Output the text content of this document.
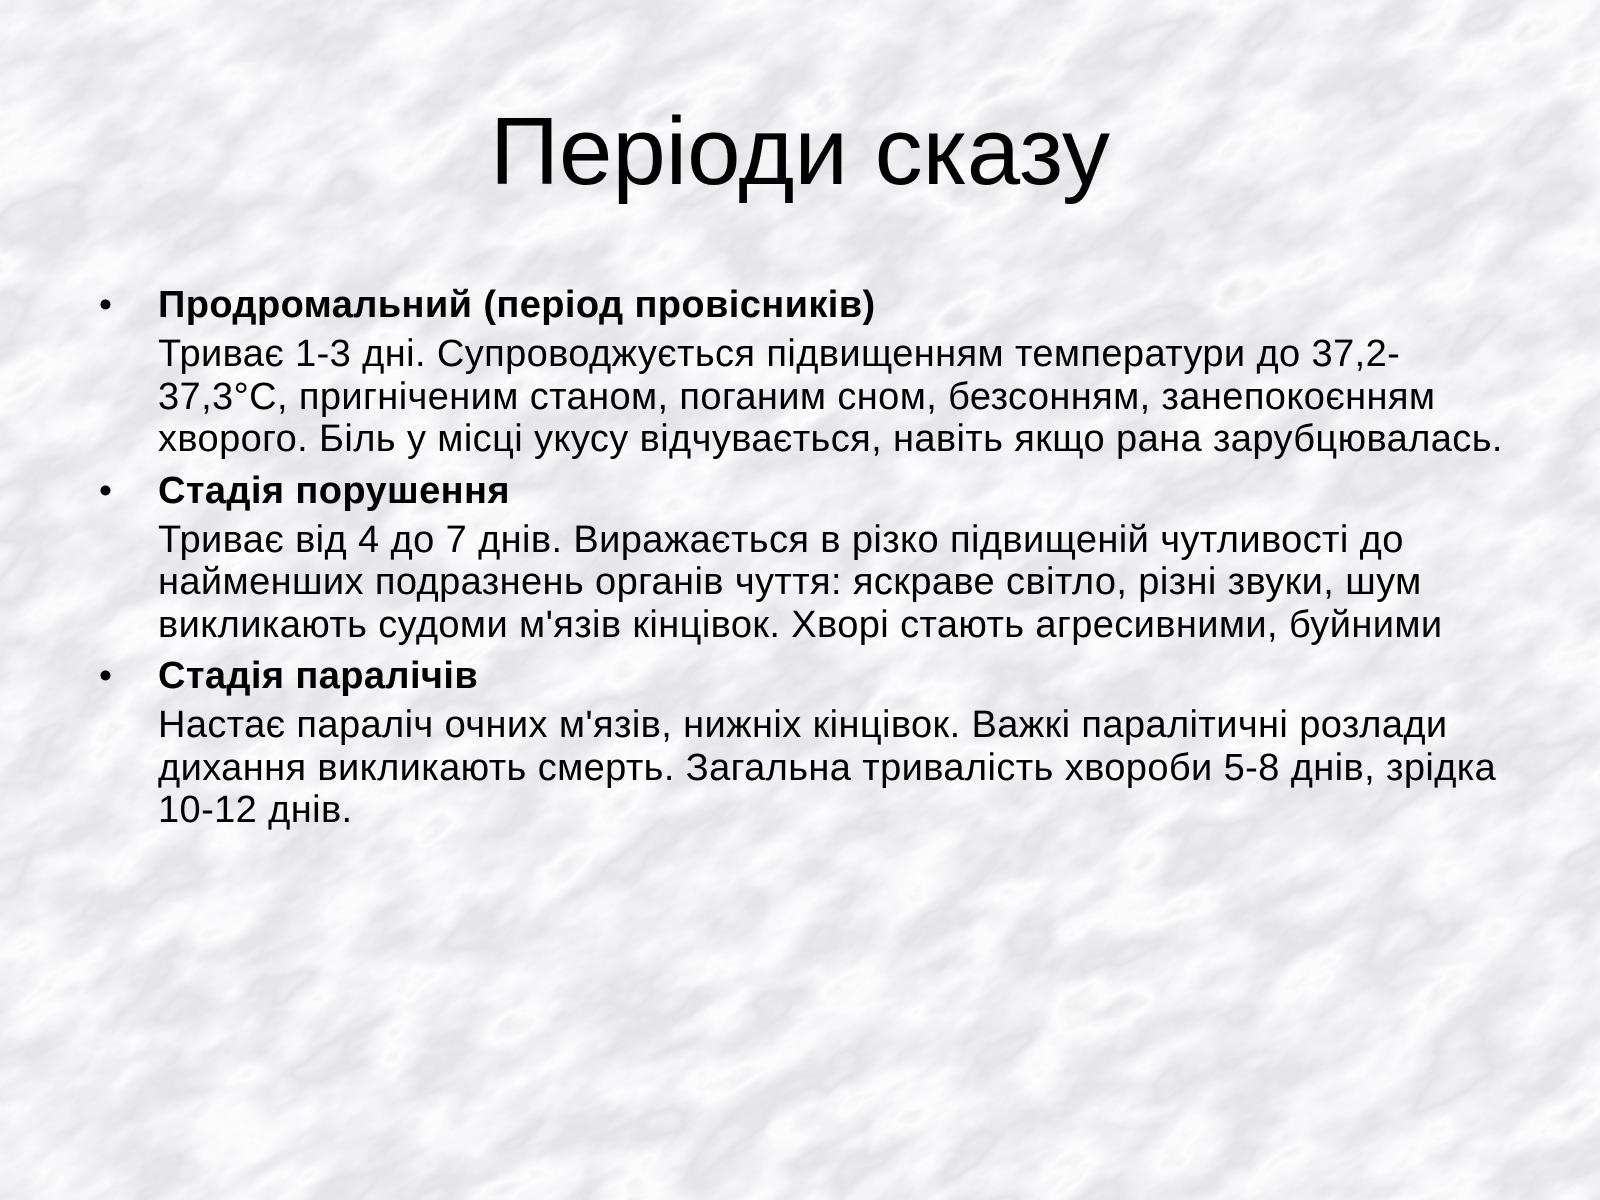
Періоди сказу
• Продромальний (період провісників)

Триває 1-3 дні. Супроводжується підвищенням температури до 37,2-37,3°С, пригніченим станом, поганим сном, безсонням, занепокоєнням хворого. Біль у місці укусу відчувається, навіть якщо рана зарубцювалась.

• Стадія порушення

Триває від 4 до 7 днів. Виражається в різко підвищеній чутливості до найменших подразнень органів чуття: яскраве світло, різні звуки, шум викликають судоми м'язів кінцівок. Хворі стають агресивними, буйними

• Стадія паралічів

Настає параліч очних м'язів, нижніх кінцівок. Важкі паралітичні розлади дихання викликають смерть. Загальна тривалість хвороби 5-8 днів, зрідка 10-12 днів.
